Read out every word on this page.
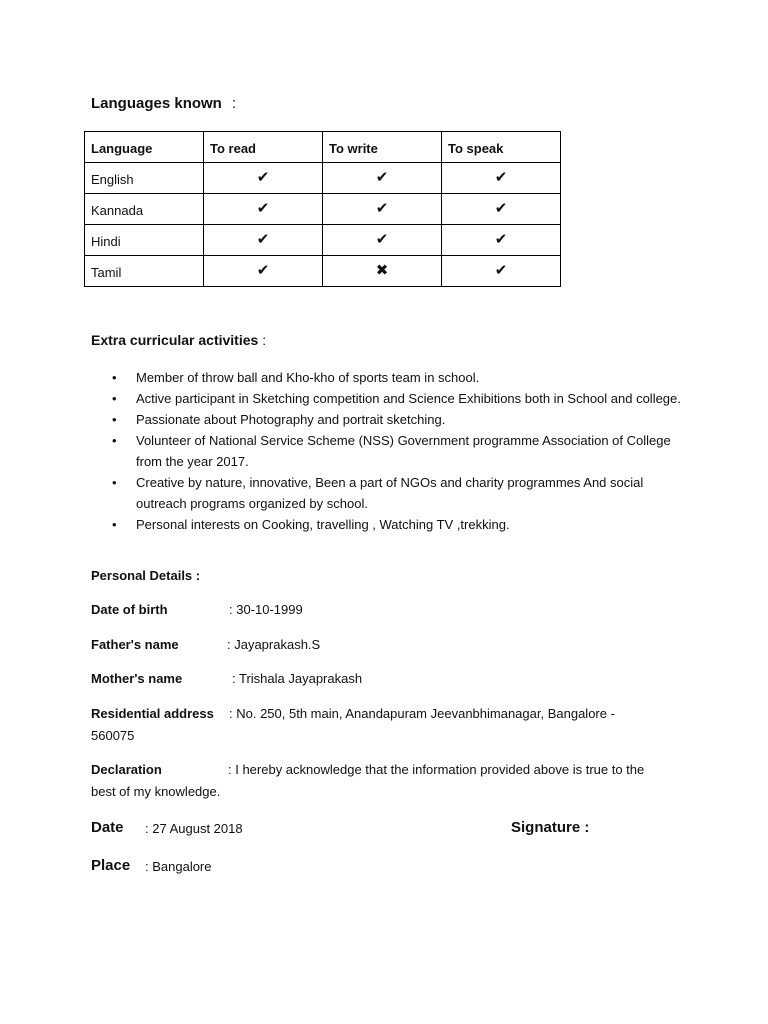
Languages known :
Language	To read	To write	To speak

English	✔	✔	✔

Kannada	✔	✔	✔

Hindi	✔	✔	✔

Tamil	✔	✖	✔
Extra curricular activities :
• Member of throw ball and Kho-kho of sports team in school.
• Active participant in Sketching competition and Science Exhibitions both in School and college.
• Passionate about Photography and portrait sketching.
• Volunteer of National Service Scheme (NSS) Government programme Association of College from the year 2017.
• Creative by nature, innovative, Been a part of NGOs and charity programmes And social outreach programs organized by school.
• Personal interests on Cooking, travelling , Watching TV ,trekking.
Personal Details :
Date of birth	: 30-10-1999
Father's name	: Jayaprakash.S
Mother's name	: Trishala Jayaprakash
Residential address : No. 250, 5th main, Anandapuram Jeevanbhimanagar, Bangalore -
560075
Declaration	: I hereby acknowledge that the information provided above is true to the
best of my knowledge.
Date : 27 August 2018	Signature :
Place : Bangalore
